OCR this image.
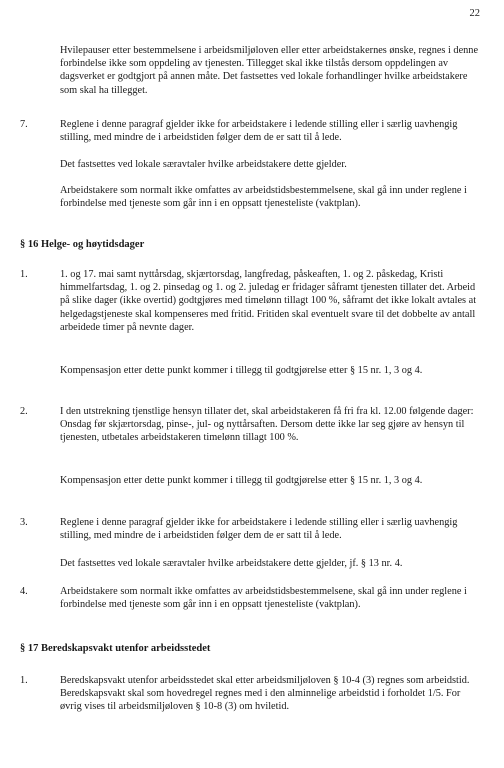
22

Hvilepauser etter bestemmelsene i arbeidsmiljøloven eller etter arbeidstakernes ønske, regnes i denne forbindelse ikke som oppdeling av tjenesten. Tillegget skal ikke tilstås dersom oppdelingen av dagsverket er godtgjort på annen måte. Det fastsettes ved lokale forhandlinger hvilke arbeidstakere som skal ha tillegget.

7.	Reglene i denne paragraf gjelder ikke for arbeidstakere i ledende stilling eller i særlig uavhengig stilling, med mindre de i arbeidstiden følger dem de er satt til å lede.

Det fastsettes ved lokale særavtaler hvilke arbeidstakere dette gjelder.

Arbeidstakere som normalt ikke omfattes av arbeidstidsbestemmelsene, skal gå inn under reglene i forbindelse med tjeneste som går inn i en oppsatt tjenesteliste (vaktplan).

§ 16 Helge- og høytidsdager
1.	1. og 17. mai samt nyttårsdag, skjærtorsdag, langfredag, påskeaften, 1. og 2. påskedag, Kristi himmelfartsdag, 1. og 2. pinsedag og 1. og 2. juledag er fridager såframt tjenesten tillater det. Arbeid på slike dager (ikke overtid) godtgjøres med timelønn tillagt 100 %, såframt det ikke lokalt avtales at helgedagstjeneste skal kompenseres med fritid. Fritiden skal eventuelt svare til det dobbelte av antall arbeidede timer på nevnte dager.

Kompensasjon etter dette punkt kommer i tillegg til godtgjørelse etter § 15 nr. 1, 3 og 4.

2.	I den utstrekning tjenstlige hensyn tillater det, skal arbeidstakeren få fri fra kl. 12.00 følgende dager: Onsdag før skjærtorsdag, pinse-, jul- og nyttårsaften. Dersom dette ikke lar seg gjøre av hensyn til tjenesten, utbetales arbeidstakeren timelønn tillagt 100 %.

Kompensasjon etter dette punkt kommer i tillegg til godtgjørelse etter § 15 nr. 1, 3 og 4.

3.	Reglene i denne paragraf gjelder ikke for arbeidstakere i ledende stilling eller i særlig uavhengig stilling, med mindre de i arbeidstiden følger dem de er satt til å lede.

Det fastsettes ved lokale særavtaler hvilke arbeidstakere dette gjelder, jf. § 13 nr. 4.

4.	Arbeidstakere som normalt ikke omfattes av arbeidstidsbestemmelsene, skal gå inn under reglene i forbindelse med tjeneste som går inn i en oppsatt tjenesteliste (vaktplan).

§ 17 Beredskapsvakt utenfor arbeidsstedet
1.	Beredskapsvakt utenfor arbeidsstedet skal etter arbeidsmiljøloven § 10-4 (3) regnes som arbeidstid. Beredskapsvakt skal som hovedregel regnes med i den alminnelige arbeidstid i forholdet 1/5. For øvrig vises til arbeidsmiljøloven § 10-8 (3) om hviletid.
